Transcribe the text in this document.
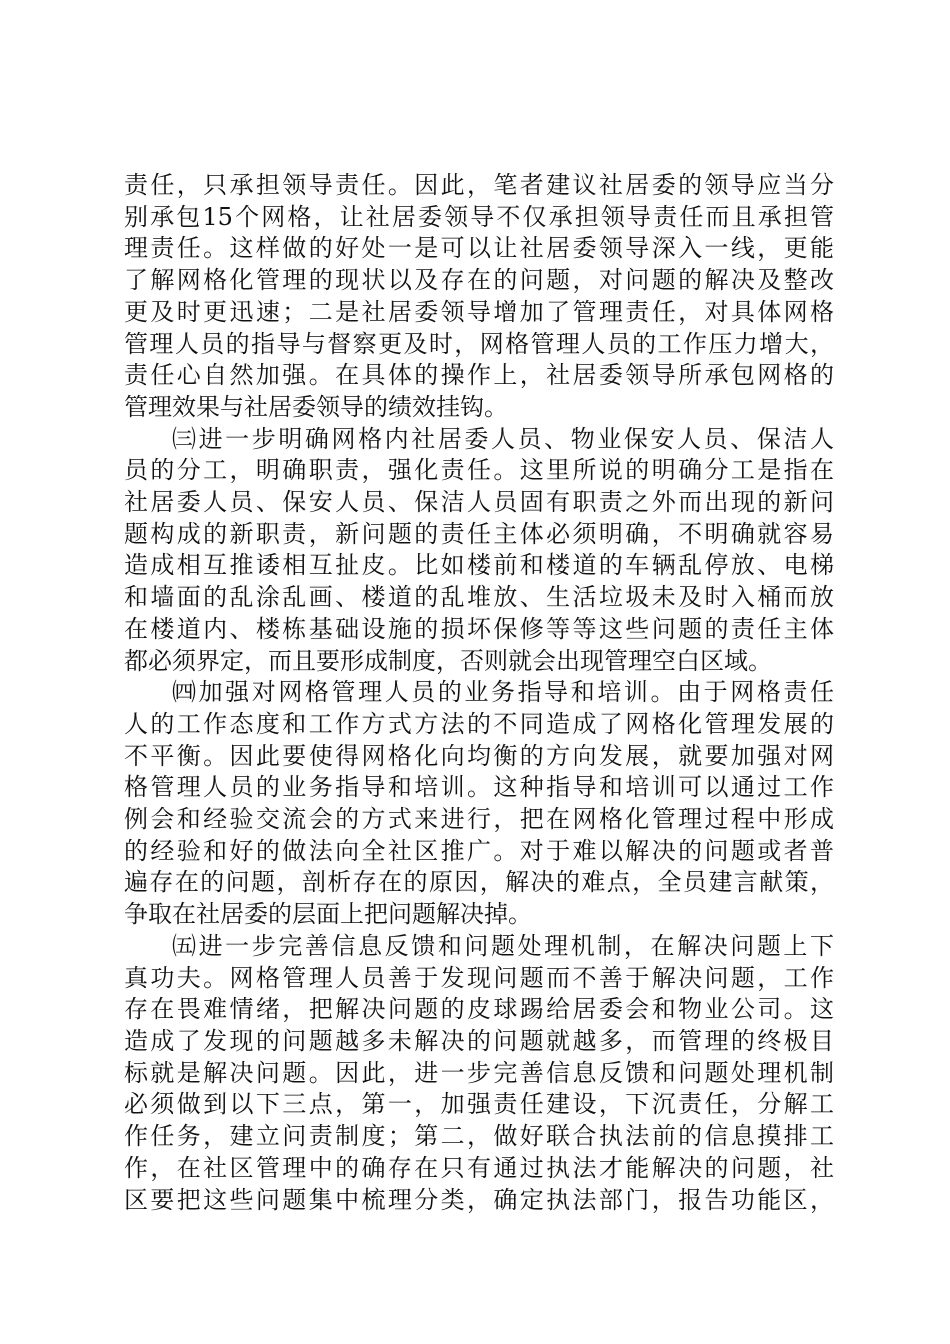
责任，只承担领导责任。因此，笔者建议社居委的领导应当分
别承包15个网格，让社居委领导不仅承担领导责任而且承担管
理责任。这样做的好处一是可以让社居委领导深入一线，更能
了解网格化管理的现状以及存在的问题，对问题的解决及整改
更及时更迅速；二是社居委领导增加了管理责任，对具体网格
管理人员的指导与督察更及时，网格管理人员的工作压力增大，
责任心自然加强。在具体的操作上，社居委领导所承包网格的
管理效果与社居委领导的绩效挂钩。
㈢进一步明确网格内社居委人员、物业保安人员、保洁人
员的分工，明确职责，强化责任。这里所说的明确分工是指在
社居委人员、保安人员、保洁人员固有职责之外而出现的新问
题构成的新职责，新问题的责任主体必须明确，不明确就容易
造成相互推诿相互扯皮。比如楼前和楼道的车辆乱停放、电梯
和墙面的乱涂乱画、楼道的乱堆放、生活垃圾未及时入桶而放
在楼道内、楼栋基础设施的损坏保修等等这些问题的责任主体
都必须界定，而且要形成制度，否则就会出现管理空白区域。
㈣加强对网格管理人员的业务指导和培训。由于网格责任
人的工作态度和工作方式方法的不同造成了网格化管理发展的
不平衡。因此要使得网格化向均衡的方向发展，就要加强对网
格管理人员的业务指导和培训。这种指导和培训可以通过工作
例会和经验交流会的方式来进行，把在网格化管理过程中形成
的经验和好的做法向全社区推广。对于难以解决的问题或者普
遍存在的问题，剖析存在的原因，解决的难点，全员建言献策，
争取在社居委的层面上把问题解决掉。
㈤进一步完善信息反馈和问题处理机制，在解决问题上下
真功夫。网格管理人员善于发现问题而不善于解决问题，工作
存在畏难情绪，把解决问题的皮球踢给居委会和物业公司。这
造成了发现的问题越多未解决的问题就越多，而管理的终极目
标就是解决问题。因此，进一步完善信息反馈和问题处理机制
必须做到以下三点，第一，加强责任建设，下沉责任，分解工
作任务，建立问责制度；第二，做好联合执法前的信息摸排工
作，在社区管理中的确存在只有通过执法才能解决的问题，社
区要把这些问题集中梳理分类，确定执法部门，报告功能区，
